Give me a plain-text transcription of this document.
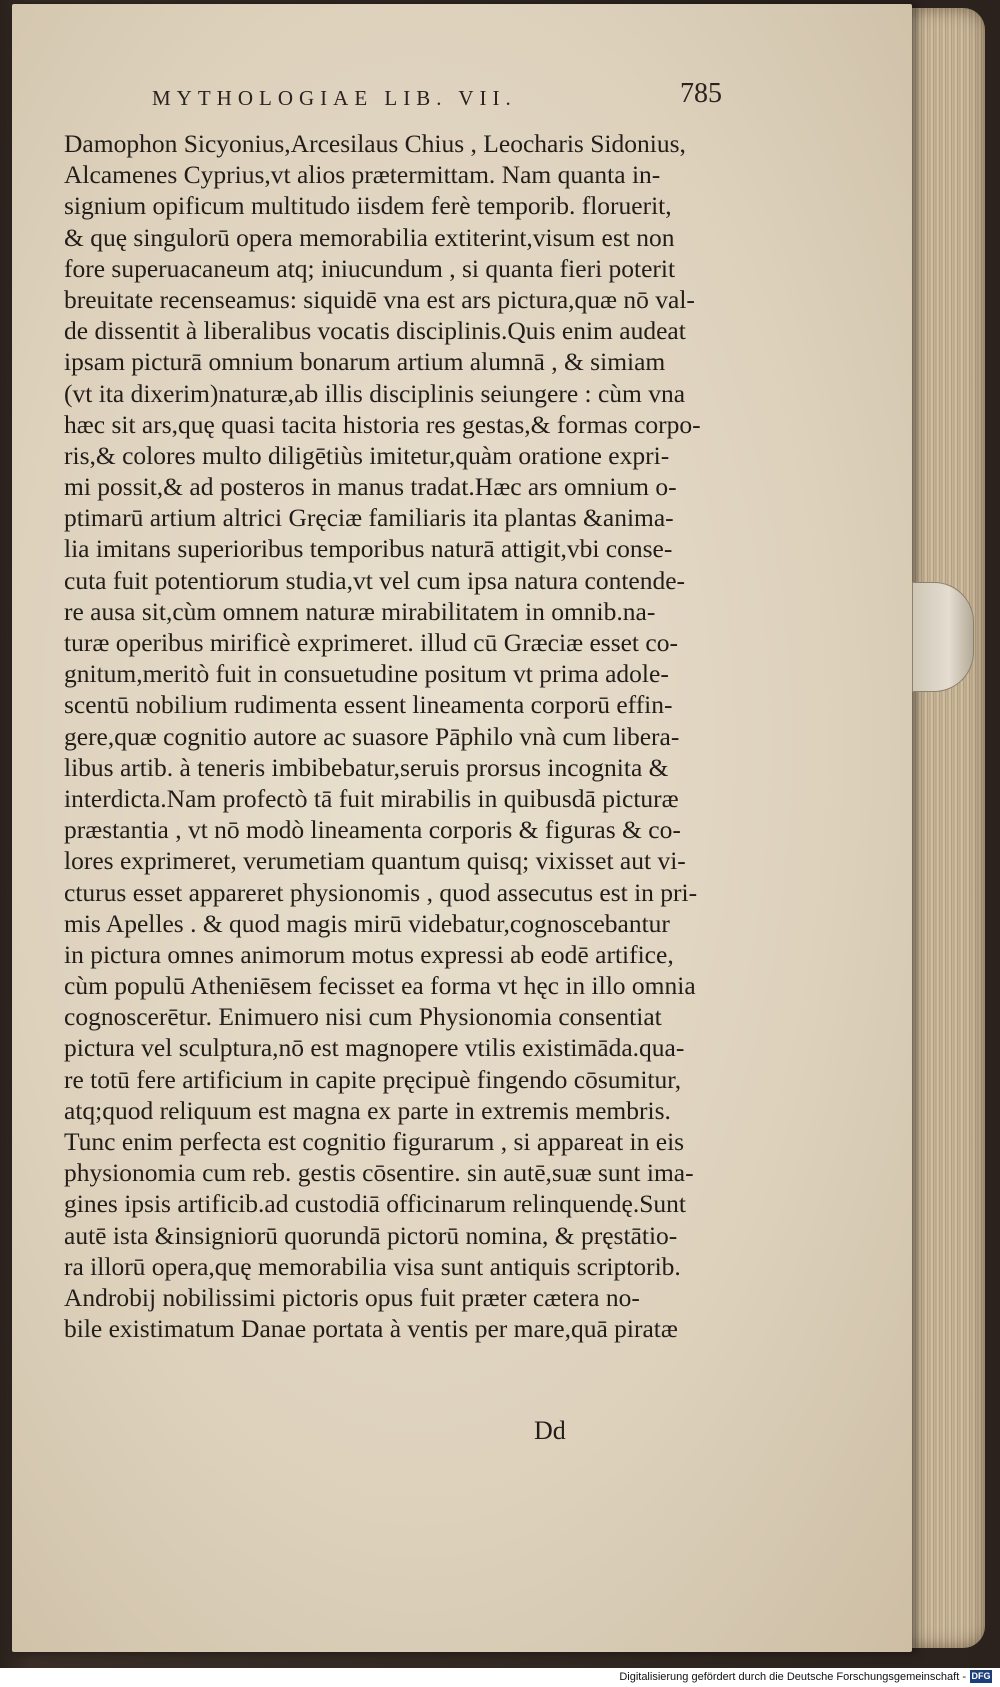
MYTHOLOGIAE LIB. VII.	785
Damophon Sicyonius,Arcesilaus Chius , Leocharis Sidonius,
Alcamenes Cyprius,vt alios prætermittam. Nam quanta in-
signium opificum multitudo iisdem ferè temporib. floruerit,
& quę singulorū opera memorabilia extiterint,visum est non
fore superuacaneum atq; iniucundum , si quanta fieri poterit
breuitate recenseamus: siquidē vna est ars pictura,quæ nō val-
de dissentit à liberalibus vocatis disciplinis.Quis enim audeat
ipsam picturā omnium bonarum artium alumnā , & simiam
(vt ita dixerim)naturæ,ab illis disciplinis seiungere : cùm vna
hæc sit ars,quę quasi tacita historia res gestas,& formas corpo-
ris,& colores multo diligētiùs imitetur,quàm oratione expri-
mi possit,& ad posteros in manus tradat.Hæc ars omnium o-
ptimarū artium altrici Gręciæ familiaris ita plantas &anima-
lia imitans superioribus temporibus naturā attigit,vbi conse-
cuta fuit potentiorum studia,vt vel cum ipsa natura contende-
re ausa sit,cùm omnem naturæ mirabilitatem in omnib.na-
turæ operibus mirificè exprimeret. illud cū Græciæ esset co-
gnitum,meritò fuit in consuetudine positum vt prima adole-
scentū nobilium rudimenta essent lineamenta corporū effin-
gere,quæ cognitio autore ac suasore Pāphilo vnà cum libera-
libus artib. à teneris imbibebatur,seruis prorsus incognita &
interdicta.Nam profectò tā fuit mirabilis in quibusdā picturæ
præstantia , vt nō modò lineamenta corporis & figuras & co-
lores exprimeret, verumetiam quantum quisq; vixisset aut vi-
cturus esset appareret physionomis , quod assecutus est in pri-
mis Apelles . & quod magis mirū videbatur,cognoscebantur
in pictura omnes animorum motus expressi ab eodē artifice,
cùm populū Atheniēsem fecisset ea forma vt hęc in illo omnia
cognoscerētur. Enimuero nisi cum Physionomia consentiat
pictura vel sculptura,nō est magnopere vtilis existimāda.qua-
re totū fere artificium in capite pręcipuè fingendo cōsumitur,
atq;quod reliquum est magna ex parte in extremis membris.
Tunc enim perfecta est cognitio figurarum , si appareat in eis
physionomia cum reb. gestis cōsentire. sin autē,suæ sunt ima-
gines ipsis artificib.ad custodiā officinarum relinquendę.Sunt
autē ista &insigniorū quorundā pictorū nomina, & pręstātio-
ra illorū opera,quę memorabilia visa sunt antiquis scriptorib.
Androbij nobilissimi pictoris opus fuit præter cætera no-
bile existimatum Danae portata à ventis per mare,quā piratæ
Dd
Digitalisierung gefördert durch die Deutsche Forschungsgemeinschaft - DFG
